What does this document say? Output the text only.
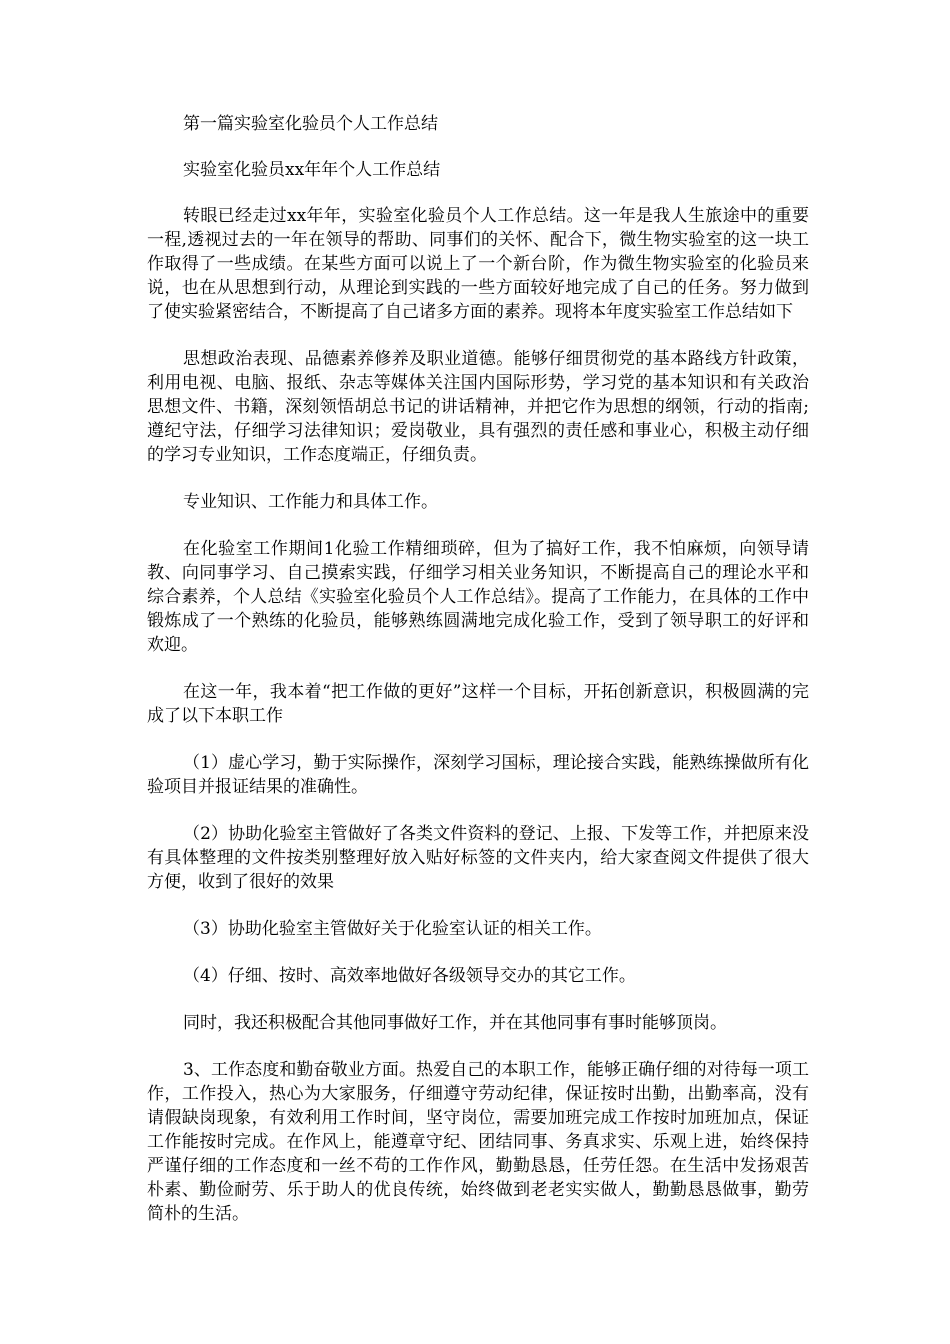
第一篇实验室化验员个人工作总结

实验室化验员xx年年个人工作总结

转眼已经走过xx年年，实验室化验员个人工作总结。这一年是我人生旅途中的重要一程,透视过去的一年在领导的帮助、同事们的关怀、配合下，微生物实验室的这一块工作取得了一些成绩。在某些方面可以说上了一个新台阶，作为微生物实验室的化验员来说，也在从思想到行动，从理论到实践的一些方面较好地完成了自己的任务。努力做到了使实验紧密结合，不断提高了自己诸多方面的素养。现将本年度实验室工作总结如下

思想政治表现、品德素养修养及职业道德。能够仔细贯彻党的基本路线方针政策，利用电视、电脑、报纸、杂志等媒体关注国内国际形势，学习党的基本知识和有关政治思想文件、书籍，深刻领悟胡总书记的讲话精神，并把它作为思想的纲领，行动的指南;遵纪守法，仔细学习法律知识；爱岗敬业，具有强烈的责任感和事业心，积极主动仔细的学习专业知识，工作态度端正，仔细负责。

专业知识、工作能力和具体工作。

在化验室工作期间1化验工作精细琐碎，但为了搞好工作，我不怕麻烦，向领导请教、向同事学习、自己摸索实践，仔细学习相关业务知识，不断提高自己的理论水平和综合素养，个人总结《实验室化验员个人工作总结》。提高了工作能力，在具体的工作中锻炼成了一个熟练的化验员，能够熟练圆满地完成化验工作，受到了领导职工的好评和欢迎。

在这一年，我本着“把工作做的更好”这样一个目标，开拓创新意识，积极圆满的完成了以下本职工作

（1）虚心学习，勤于实际操作，深刻学习国标，理论接合实践，能熟练操做所有化验项目并报证结果的准确性。

（2）协助化验室主管做好了各类文件资料的登记、上报、下发等工作，并把原来没有具体整理的文件按类别整理好放入贴好标签的文件夹内，给大家查阅文件提供了很大方便，收到了很好的效果

（3）协助化验室主管做好关于化验室认证的相关工作。

（4）仔细、按时、高效率地做好各级领导交办的其它工作。

同时，我还积极配合其他同事做好工作，并在其他同事有事时能够顶岗。

3、工作态度和勤奋敬业方面。热爱自己的本职工作，能够正确仔细的对待每一项工作，工作投入，热心为大家服务，仔细遵守劳动纪律，保证按时出勤，出勤率高，没有请假缺岗现象，有效利用工作时间，坚守岗位，需要加班完成工作按时加班加点，保证工作能按时完成。在作风上，能遵章守纪、团结同事、务真求实、乐观上进，始终保持严谨仔细的工作态度和一丝不苟的工作作风，勤勤恳恳，任劳任怨。在生活中发扬艰苦朴素、勤俭耐劳、乐于助人的优良传统，始终做到老老实实做人，勤勤恳恳做事，勤劳简朴的生活。
